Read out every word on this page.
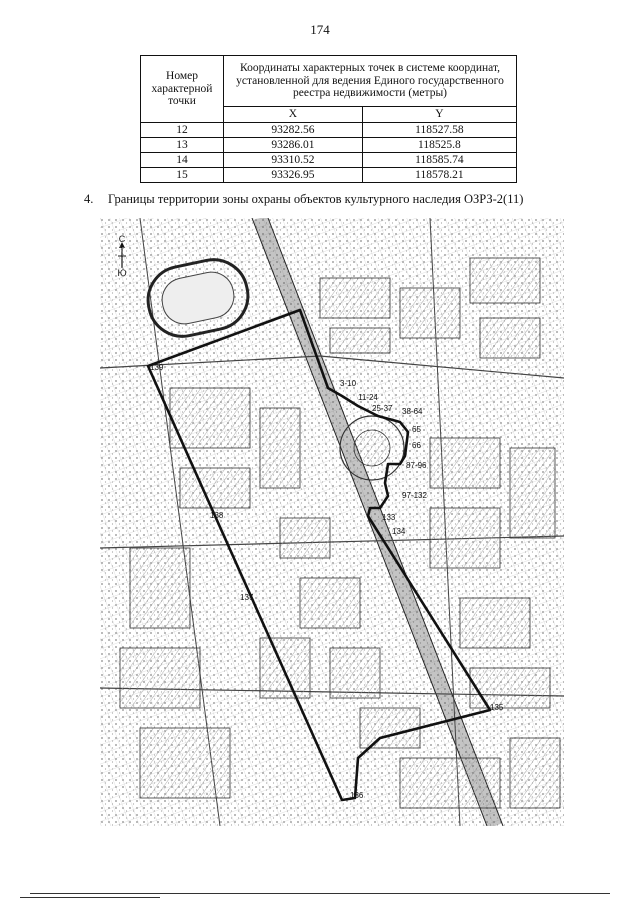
174
Номер характерной точки	Координаты характерных точек в системе координат, установленной для ведения Единого государственного реестра недвижимости (метры)	
	X	Y
12	93282.56	118527.58
13	93286.01	118525.8
14	93310.52	118585.74
15	93326.95	118578.21
4. Границы территории зоны охраны объектов культурного наследия ОЗРЗ-2(11)
139
3-10
11-24
25-37 38-64
65
66
87-96
97-132
133
134
138
137
135
136
